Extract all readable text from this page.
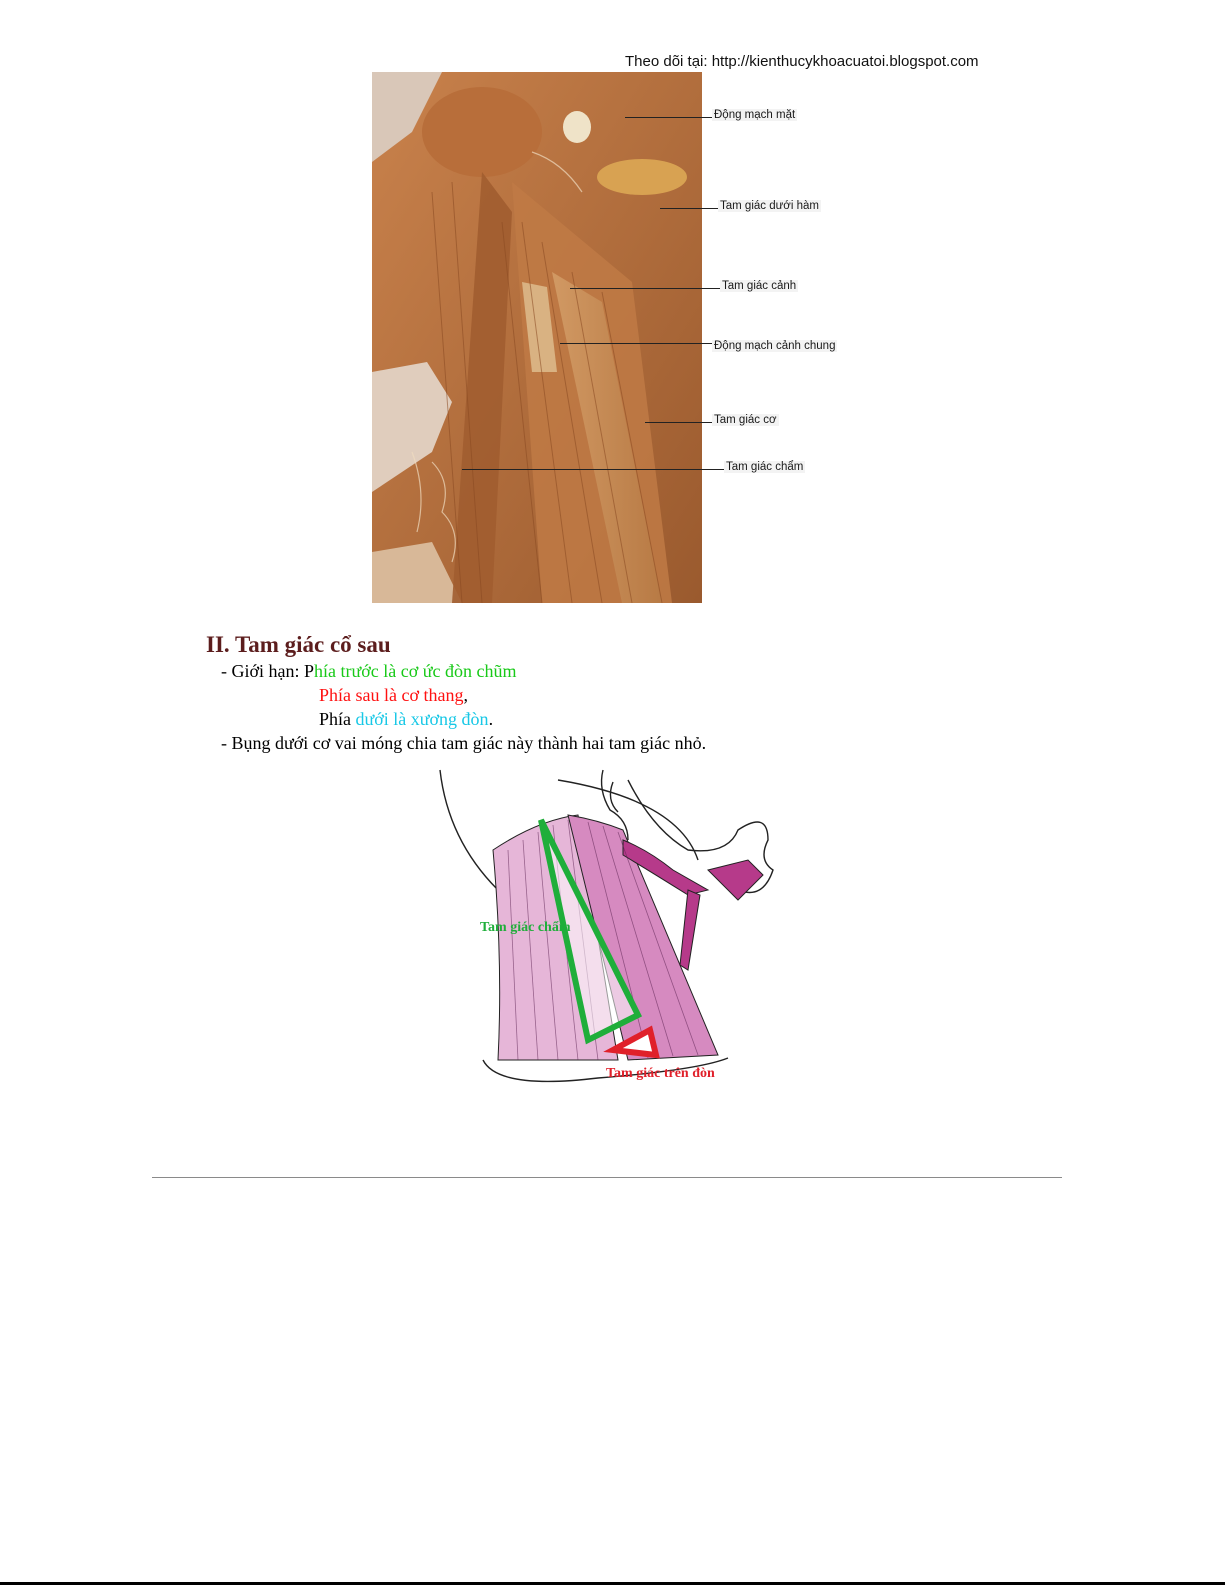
Theo dõi tại: http://kienthucykhoacuatoi.blogspot.com
Động mạch mặt
Tam giác dưới hàm
Tam giác cảnh
Động mạch cảnh chung
Tam giác cơ
Tam giác chẩm
II. Tam giác cổ sau
- Giới hạn: Phía trước là cơ ức đòn chũm
Phía sau là cơ thang,
Phía dưới là xương đòn.
- Bụng dưới cơ vai móng chia tam giác này thành hai tam giác nhỏ.
Tam giác chẩm
Tam giác trên đòn
